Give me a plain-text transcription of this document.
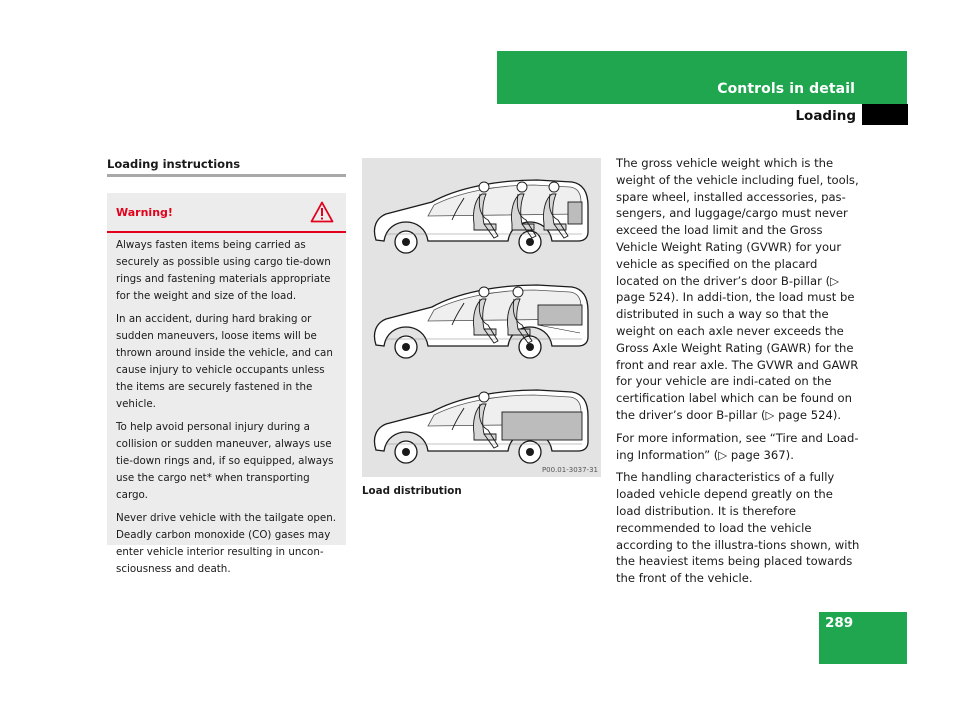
Controls in detail
Loading
Loading instructions
Warning!

Always fasten items being carried as securely as possible using cargo tie-down rings and fastening materials appropriate for the weight and size of the load.

In an accident, during hard braking or sudden maneuvers, loose items will be thrown around inside the vehicle, and can cause injury to vehicle occupants unless the items are securely fastened in the vehicle.

To help avoid personal injury during a collision or sudden maneuver, always use tie-down rings and, if so equipped, always use the cargo net* when transporting cargo.

Never drive vehicle with the tailgate open. Deadly carbon monoxide (CO) gases may enter vehicle interior resulting in uncon-sciousness and death.

P00.01-3037-31
Load distribution

The gross vehicle weight which is the weight of the vehicle including fuel, tools, spare wheel, installed accessories, pas-sengers, and luggage/cargo must never exceed the load limit and the Gross Vehicle Weight Rating (GVWR) for your vehicle as specified on the placard located on the driver’s door B-pillar (▷ page 524). In addi-tion, the load must be distributed in such a way so that the weight on each axle never exceeds the Gross Axle Weight Rating (GAWR) for the front and rear axle. The GVWR and GAWR for your vehicle are indi-cated on the certification label which can be found on the driver’s door B-pillar (▷ page 524).

For more information, see “Tire and Load-ing Information” (▷ page 367).

The handling characteristics of a fully loaded vehicle depend greatly on the load distribution. It is therefore recommended to load the vehicle according to the illustra-tions shown, with the heaviest items being placed towards the front of the vehicle.

289
